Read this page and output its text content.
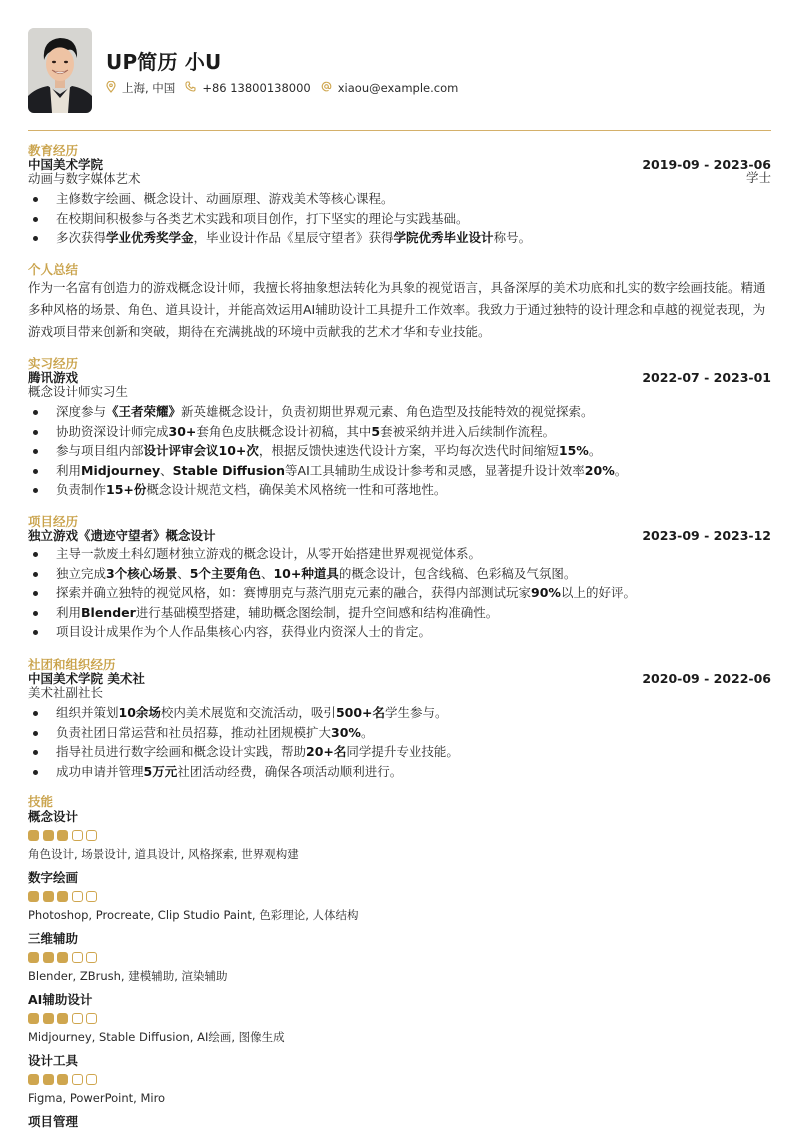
UP简历 小U
上海, 中国 +86 13800138000 xiaou@example.com
教育经历
中国美术学院
动画与数字媒体艺术
2019-09 - 2023-06
学士
主修数字绘画、概念设计、动画原理、游戏美术等核心课程。
在校期间积极参与各类艺术实践和项目创作，打下坚实的理论与实践基础。
多次获得学业优秀奖学金，毕业设计作品《星辰守望者》获得学院优秀毕业设计称号。
个人总结
作为一名富有创造力的游戏概念设计师，我擅长将抽象想法转化为具象的视觉语言，具备深厚的美术功底和扎实的数字绘画技能。精通多种风格的场景、角色、道具设计，并能高效运用AI辅助设计工具提升工作效率。我致力于通过独特的设计理念和卓越的视觉表现，为游戏项目带来创新和突破，期待在充满挑战的环境中贡献我的艺术才华和专业技能。
实习经历
腾讯游戏
概念设计师实习生
2022-07 - 2023-01
深度参与《王者荣耀》新英雄概念设计，负责初期世界观元素、角色造型及技能特效的视觉探索。
协助资深设计师完成30+套角色皮肤概念设计初稿，其中5套被采纳并进入后续制作流程。
参与项目组内部设计评审会议10+次，根据反馈快速迭代设计方案，平均每次迭代时间缩短15%。
利用Midjourney、Stable Diffusion等AI工具辅助生成设计参考和灵感，显著提升设计效率20%。
负责制作15+份概念设计规范文档，确保美术风格统一性和可落地性。
项目经历
独立游戏《遗迹守望者》概念设计	2023-09 - 2023-12
主导一款废土科幻题材独立游戏的概念设计，从零开始搭建世界观视觉体系。
独立完成3个核心场景、5个主要角色、10+种道具的概念设计，包含线稿、色彩稿及气氛图。
探索并确立独特的视觉风格，如：赛博朋克与蒸汽朋克元素的融合，获得内部测试玩家90%以上的好评。
利用Blender进行基础模型搭建，辅助概念图绘制，提升空间感和结构准确性。
项目设计成果作为个人作品集核心内容，获得业内资深人士的肯定。
社团和组织经历
中国美术学院 美术社
美术社副社长
2020-09 - 2022-06
组织并策划10余场校内美术展览和交流活动，吸引500+名学生参与。
负责社团日常运营和社员招募，推动社团规模扩大30%。
指导社员进行数字绘画和概念设计实践，帮助20+名同学提升专业技能。
成功申请并管理5万元社团活动经费，确保各项活动顺利进行。
技能
概念设计
角色设计, 场景设计, 道具设计, 风格探索, 世界观构建
数字绘画
Photoshop, Procreate, Clip Studio Paint, 色彩理论, 人体结构
三维辅助
Blender, ZBrush, 建模辅助, 渲染辅助
AI辅助设计
Midjourney, Stable Diffusion, AI绘画, 图像生成
设计工具
Figma, PowerPoint, Miro
项目管理
